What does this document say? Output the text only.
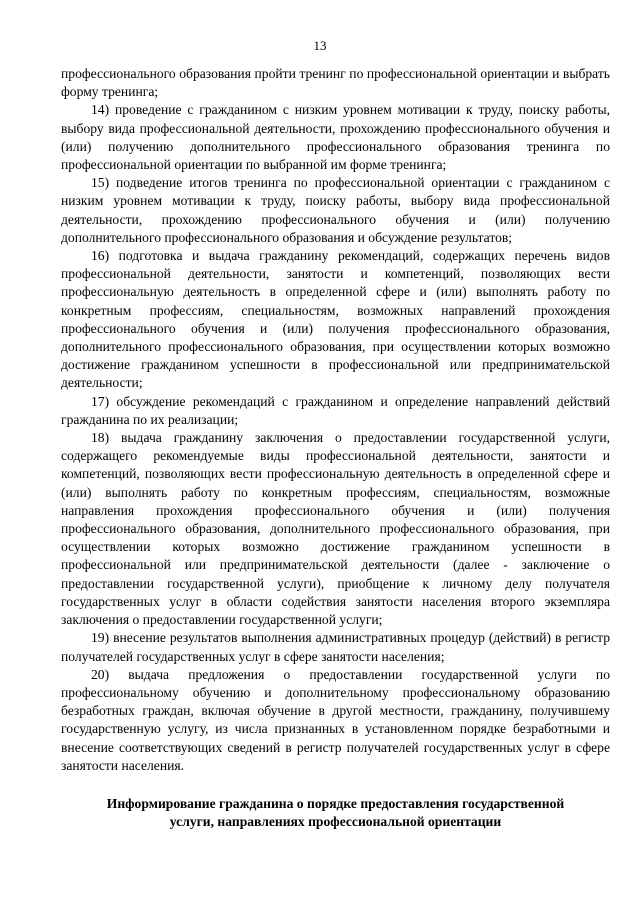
13

профессионального образования пройти тренинг по профессиональной ориентации и выбрать форму тренинга;

14) проведение с гражданином с низким уровнем мотивации к труду, поиску работы, выбору вида профессиональной деятельности, прохождению профессионального обучения и (или) получению дополнительного профессионального образования тренинга по профессиональной ориентации по выбранной им форме тренинга;

15) подведение итогов тренинга по профессиональной ориентации с гражданином с низким уровнем мотивации к труду, поиску работы, выбору вида профессиональной деятельности, прохождению профессионального обучения и (или) получению дополнительного профессионального образования и обсуждение результатов;

16) подготовка и выдача гражданину рекомендаций, содержащих перечень видов профессиональной деятельности, занятости и компетенций, позволяющих вести профессиональную деятельность в определенной сфере и (или) выполнять работу по конкретным профессиям, специальностям, возможных направлений прохождения профессионального обучения и (или) получения профессионального образования, дополнительного профессионального образования, при осуществлении которых возможно достижение гражданином успешности в профессиональной или предпринимательской деятельности;

17) обсуждение рекомендаций с гражданином и определение направлений действий гражданина по их реализации;

18) выдача гражданину заключения о предоставлении государственной услуги, содержащего рекомендуемые виды профессиональной деятельности, занятости и компетенций, позволяющих вести профессиональную деятельность в определенной сфере и (или) выполнять работу по конкретным профессиям, специальностям, возможные направления прохождения профессионального обучения и (или) получения профессионального образования, дополнительного профессионального образования, при осуществлении которых возможно достижение гражданином успешности в профессиональной или предпринимательской деятельности (далее - заключение о предоставлении государственной услуги), приобщение к личному делу получателя государственных услуг в области содействия занятости населения второго экземпляра заключения о предоставлении государственной услуги;

19) внесение результатов выполнения административных процедур (действий) в регистр получателей государственных услуг в сфере занятости населения;

20) выдача предложения о предоставлении государственной услуги по профессиональному обучению и дополнительному профессиональному образованию безработных граждан, включая обучение в другой местности, гражданину, получившему государственную услугу, из числа признанных в установленном порядке безработными и внесение соответствующих сведений в регистр получателей государственных услуг в сфере занятости населения.

Информирование гражданина о порядке предоставления государственной
услуги, направлениях профессиональной ориентации
